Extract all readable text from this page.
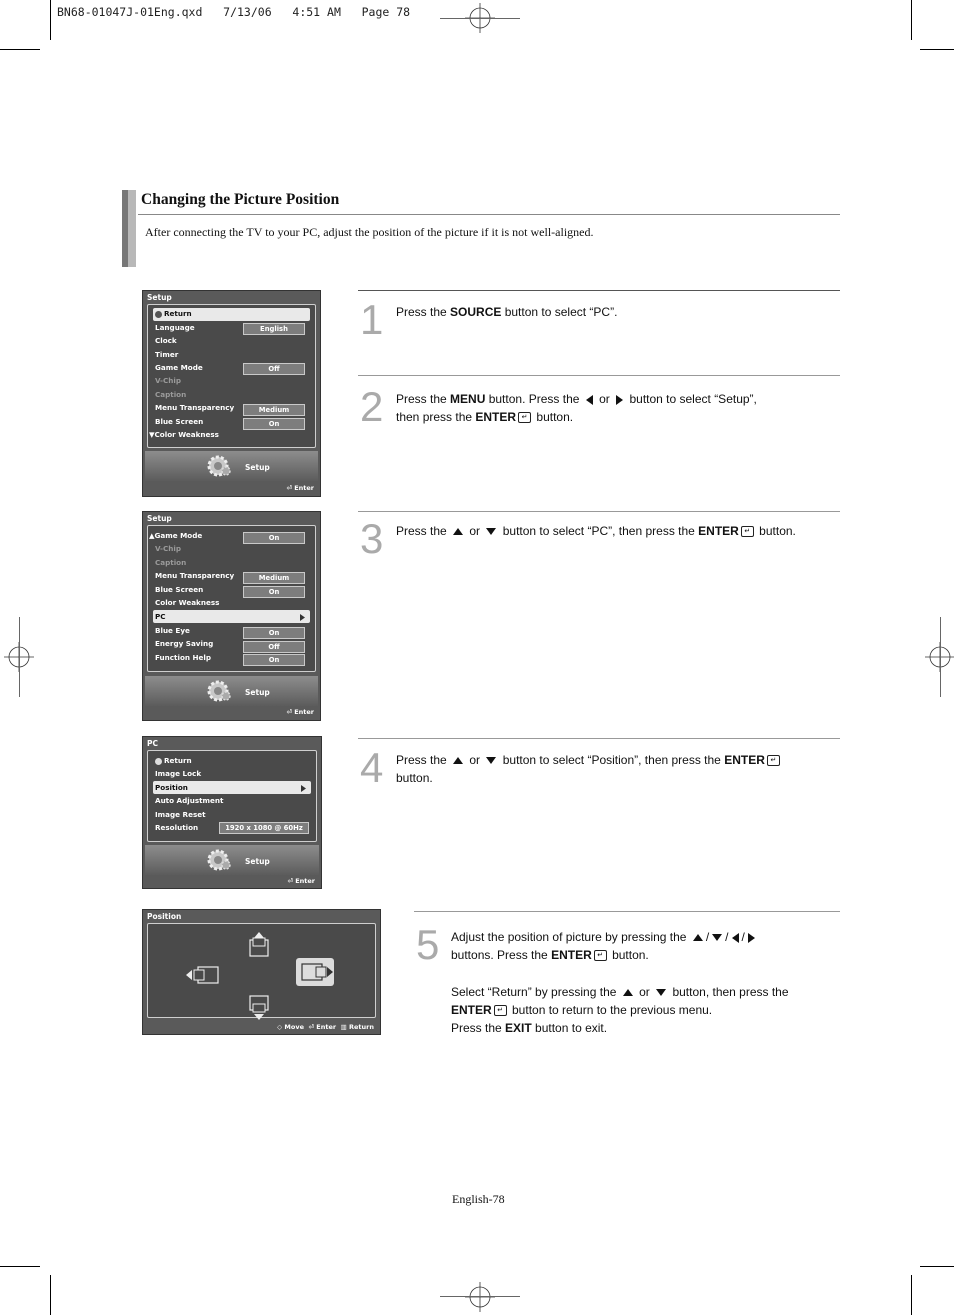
BN68-01047J-01Eng.qxd   7/13/06   4:51 AM   Page 78
Changing the Picture Position
After connecting the TV to your PC, adjust the position of the picture if it is not well-aligned.
Setup
Return
Language	English
Clock
Timer
Game Mode	Off
V-Chip
Caption
Menu Transparency	Medium
Blue Screen	On
▼Color Weakness
Setup
⏎ Enter
Setup
▲Game Mode	On
V-Chip
Caption
Menu Transparency	Medium
Blue Screen	On
Color Weakness
PC
Blue Eye	On
Energy Saving	Off
Function Help	On
Setup
⏎ Enter
PC
Return
Image Lock
Position
Auto Adjustment
Image Reset
Resolution	1920 x 1080 @ 60Hz
Setup
⏎ Enter
Position
◇ Move ⏎ Enter ▥ Return
1 Press the SOURCE button to select “PC”.
2 Press the MENU button. Press the  or button to select “Setup”,
then press the ENTER ↵ button.
3 Press the  or button to select “PC”, then press the ENTER ↵ button.
4 Press the  or button to select “Position”, then press the ENTER ↵
button.
5 Adjust the position of picture by pressing the / / /
buttons. Press the ENTER ↵ button.
Select “Return” by pressing the  or button, then press the
ENTER ↵ button to return to the previous menu.
Press the EXIT button to exit.
English-78
